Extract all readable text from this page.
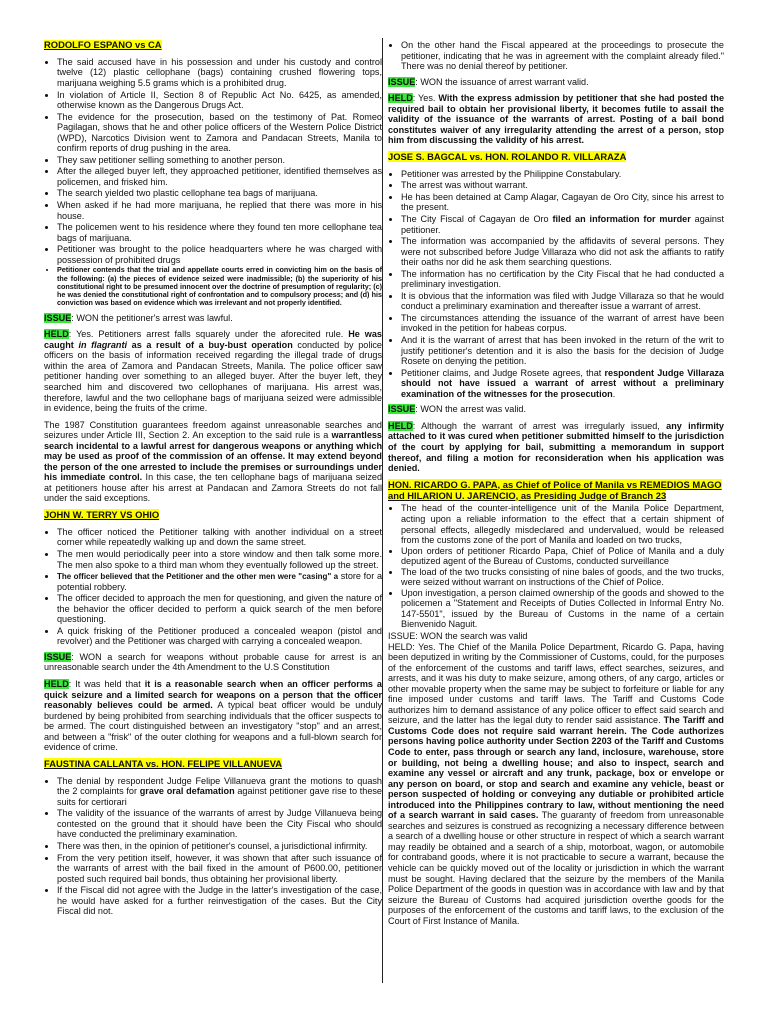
RODOLFO ESPANO vs CA
• The said accused have in his possession and under his custody and control twelve (12) plastic cellophane (bags) containing crushed flowering tops, marijuana weighing 5.5 grams which is a prohibited drug.
• In violation of Article II, Section 8 of Republic Act No. 6425, as amended, otherwise known as the Dangerous Drugs Act.
• The evidence for the prosecution, based on the testimony of Pat. Romeo Pagilagan, shows that he and other police officers of the Western Police District (WPD), Narcotics Division went to Zamora and Pandacan Streets, Manila to confirm reports of drug pushing in the area.
• They saw petitioner selling something to another person.
• After the alleged buyer left, they approached petitioner, identified themselves as policemen, and frisked him.
• The search yielded two plastic cellophane tea bags of marijuana.
• When asked if he had more marijuana, he replied that there was more in his house.
• The policemen went to his residence where they found ten more cellophane tea bags of marijuana.
• Petitioner was brought to the police headquarters where he was charged with possession of prohibited drugs
• Petitioner contends that the trial and appellate courts erred in convicting him on the basis of the following: (a) the pieces of evidence seized were inadmissible; (b) the superiority of his constitutional right to be presumed innocent over the doctrine of presumption of regularity; (c) he was denied the constitutional right of confrontation and to compulsory process; and (d) his conviction was based on evidence which was irrelevant and not properly identified.

ISSUE: WON the petitioner's arrest was lawful.

HELD: Yes. Petitioners arrest falls squarely under the aforecited rule. He was caught in flagranti as a result of a buy-bust operation conducted by police officers on the basis of information received regarding the illegal trade of drugs within the area of Zamora and Pandacan Streets, Manila. The police officer saw petitioner handing over something to an alleged buyer. After the buyer left, they searched him and discovered two cellophanes of marijuana. His arrest was, therefore, lawful and the two cellophane bags of marijuana seized were admissible in evidence, being the fruits of the crime.

The 1987 Constitution guarantees freedom against unreasonable searches and seizures under Article III, Section 2. An exception to the said rule is a warrantless search incidental to a lawful arrest for dangerous weapons or anything which may be used as proof of the commission of an offense. It may extend beyond the person of the one arrested to include the premises or surroundings under his immediate control. In this case, the ten cellophane bags of marijuana seized at petitioners house after his arrest at Pandacan and Zamora Streets do not fall under the said exceptions.

JOHN W. TERRY VS OHIO
• The officer noticed the Petitioner talking with another individual on a street corner while repeatedly walking up and down the same street.
• The men would periodically peer into a store window and then talk some more. The men also spoke to a third man whom they eventually followed up the street.
• The officer believed that the Petitioner and the other men were "casing" a store for a potential robbery.
• The officer decided to approach the men for questioning, and given the nature of the behavior the officer decided to perform a quick search of the men before questioning.
• A quick frisking of the Petitioner produced a concealed weapon (pistol and revolver) and the Petitioner was charged with carrying a concealed weapon.

ISSUE: WON a search for weapons without probable cause for arrest is an unreasonable search under the 4th Amendment to the U.S Constitution

HELD: It was held that it is a reasonable search when an officer performs a quick seizure and a limited search for weapons on a person that the officer reasonably believes could be armed. A typical beat officer would be unduly burdened by being prohibited from searching individuals that the officer suspects to be armed. The court distinguished between an investigatory "stop" and an arrest, and between a "frisk" of the outer clothing for weapons and a full-blown search for evidence of crime.

FAUSTINA CALLANTA vs. HON. FELIPE VILLANUEVA
• The denial by respondent Judge Felipe Villanueva grant the motions to quash the 2 complaints for grave oral defamation against petitioner gave rise to these suits for certiorari
• The validity of the issuance of the warrants of arrest by Judge Villanueva being contested on the ground that it should have been the City Fiscal who should have conducted the preliminary examination.
• There was then, in the opinion of petitioner's counsel, a jurisdictional infirmity.
• From the very petition itself, however, it was shown that after such issuance of the warrants of arrest with the bail fixed in the amount of P600.00, petitioner posted such required bail bonds, thus obtaining her provisional liberty.
• If the Fiscal did not agree with the Judge in the latter's investigation of the case, he would have asked for a further reinvestigation of the cases. But the City Fiscal did not.
• On the other hand the Fiscal appeared at the proceedings to prosecute the petitioner, indicating that he was in agreement with the complaint already filed." There was no denial thereof by petitioner.

ISSUE: WON the issuance of arrest warrant valid.

HELD: Yes. With the express admission by petitioner that she had posted the required bail to obtain her provisional liberty, it becomes futile to assail the validity of the issuance of the warrants of arrest. Posting of a bail bond constitutes waiver of any irregularity attending the arrest of a person, stop him from discussing the validity of his arrest.

JOSE S. BAGCAL vs. HON. ROLANDO R. VILLARAZA
• Petitioner was arrested by the Philippine Constabulary.
• The arrest was without warrant.
• He has been detained at Camp Alagar, Cagayan de Oro City, since his arrest to the present.
• The City Fiscal of Cagayan de Oro filed an information for murder against petitioner.
• The information was accompanied by the affidavits of several persons. They were not subscribed before Judge Villaraza who did not ask the affiants to ratify their oaths nor did he ask them searching questions.
• The information has no certification by the City Fiscal that he had conducted a preliminary investigation.
• It is obvious that the information was filed with Judge Villaraza so that he would conduct a preliminary examination and thereafter issue a warrant of arrest.
• The circumstances attending the issuance of the warrant of arrest have been invoked in the petition for habeas corpus.
• And it is the warrant of arrest that has been invoked in the return of the writ to justify petitioner's detention and it is also the basis for the decision of Judge Rosete on denying the petition.
• Petitioner claims, and Judge Rosete agrees, that respondent Judge Villaraza should not have issued a warrant of arrest without a preliminary examination of the witnesses for the prosecution.

ISSUE: WON the arrest was valid.

HELD: Although the warrant of arrest was irregularly issued, any infirmity attached to it was cured when petitioner submitted himself to the jurisdiction of the court by applying for bail, submitting a memorandum in support thereof, and filing a motion for reconsideration when his application was denied.

HON. RICARDO G. PAPA, as Chief of Police of Manila vs REMEDIOS MAGO and HILARION U. JARENCIO, as Presiding Judge of Branch 23
• The head of the counter-intelligence unit of the Manila Police Department, acting upon a reliable information to the effect that a certain shipment of personal effects, allegedly misdeclared and undervalued, would be released from the customs zone of the port of Manila and loaded on two trucks,
• Upon orders of petitioner Ricardo Papa, Chief of Police of Manila and a duly deputized agent of the Bureau of Customs, conducted surveillance
• The load of the two trucks consisting of nine bales of goods, and the two trucks, were seized without warrant on instructions of the Chief of Police.
• Upon investigation, a person claimed ownership of the goods and showed to the policemen a "Statement and Receipts of Duties Collected in Informal Entry No. 147-5501", issued by the Bureau of Customs in the name of a certain Bienvenido Naguit.

ISSUE: WON the search was valid

HELD: Yes. The Chief of the Manila Police Department, Ricardo G. Papa, having been deputized in writing by the Commissioner of Customs, could, for the purposes of the enforcement of the customs and tariff laws, effect searches, seizures, and arrests, and it was his duty to make seizure, among others, of any cargo, articles or other movable property when the same may be subject to forfeiture or liable for any fine imposed under customs and tariff laws. The Tariff and Customs Code authorizes him to demand assistance of any police officer to effect said search and seizure, and the latter has the legal duty to render said assistance. The Tariff and Customs Code does not require said warrant herein. The Code authorizes persons having police authority under Section 2203 of the Tariff and Customs Code to enter, pass through or search any land, inclosure, warehouse, store or building, not being a dwelling house; and also to inspect, search and examine any vessel or aircraft and any trunk, package, box or envelope or any person on board, or stop and search and examine any vehicle, beast or person suspected of holding or conveying any dutiable or prohibited article introduced into the Philippines contrary to law, without mentioning the need of a search warrant in said cases. The guaranty of freedom from unreasonable searches and seizures is construed as recognizing a necessary difference between a search of a dwelling house or other structure in respect of which a search warrant may readily be obtained and a search of a ship, motorboat, wagon, or automobile for contraband goods, where it is not practicable to secure a warrant, because the vehicle can be quickly moved out of the locality or jurisdiction in which the warrant must be sought. Having declared that the seizure by the members of the Manila Police Department of the goods in question was in accordance with law and by that seizure the Bureau of Customs had acquired jurisdiction overthe goods for the purposes of the enforcement of the customs and tariff laws, to the exclusion of the Court of First Instance of Manila.
